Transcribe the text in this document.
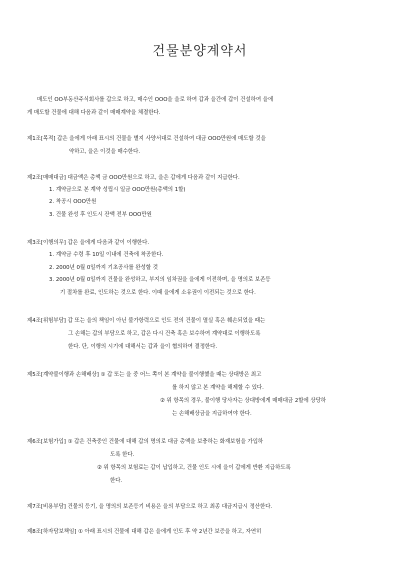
건물분양계약서
매도인 OO부동산주식회사를 갑으로 하고, 매수인 OOO을 을로 하여 갑과 을간에 갑이 건설하여 을에
게 매도할 건물에 대해 다음과 같이 매매계약을 체결한다.
제1조[목적] 갑은 을에게 아래 표시의 건물을 별지 사양서대로 건설하여 대금 OOO만원에 매도할 것을
약하고, 을은 이것을 매수한다.
제2조[매매대금] 대금액은 총액 금 OOO만원으로 하고, 을은 갑에게 다음과 같이 지급한다.
1. 계약금으로 본 계약 성립시 일금 OOO만원(총액의 1할)
2. 착공시 OOO만원
3. 건물 완성 후 인도시 잔액 전부 OOO만원
제3조[이행의무] 갑은 을에게 다음과 같이 이행한다.
1. 계약금 수령 후 10일 이내에 건축에 착공한다.
2. 2000년 0월 0일까지 기초공사를 완성할 것
3. 2000년 0월 0일까지 건물을 완성하고, 부지의 임차권을 을에게 이전하며, 을 명의로 보존등
기 절차를 완료, 인도하는 것으로 한다. 이때 을에게 소유권이 이전되는 것으로 한다.
제4조[위험부담] 갑 또는 을의 책임이 아닌 불가항력으로 인도 전의 건물이 멸실 혹은 훼손되었을 때는
그 손해는 갑의 부담으로 하고, 갑은 다시 건축 혹은 보수하여 계약대로 이행하도록
한다. 단, 이행의 시기에 대해서는 갑과 을이 협의하여 결정한다.
제5조[계약불이행과 손해배상] ① 갑 또는 을 중 어느 쪽이 본 계약을 불이행했을 때는 상대방은 최고
를 하지 않고 본 계약을 해제할 수 있다.
② 위 항목의 경우, 불이행 당사자는 상대방에게 매매대금 2할에 상당하
는 손해배상금을 지급하여야 한다.
제6조[보험가입] ① 갑은 건축중인 건물에 대해 갑의 명의로 대금 총액을 보충하는 화재보험을 가입하
도록 한다.
② 위 항목의 보험료는 갑이 납입하고, 건물 인도 시에 을이 갑에게 반환 지급하도록
한다.
제7조[비용부담] 건물의 등기, 을 명의의 보존등기 비용은 을의 부담으로 하고 최종 대금지급시 정산한다.
제8조[하자담보책임] ① 아래 표시의 건물에 대해 갑은 을에게 인도 후 약 2년간 보증을 하고, 자연히
